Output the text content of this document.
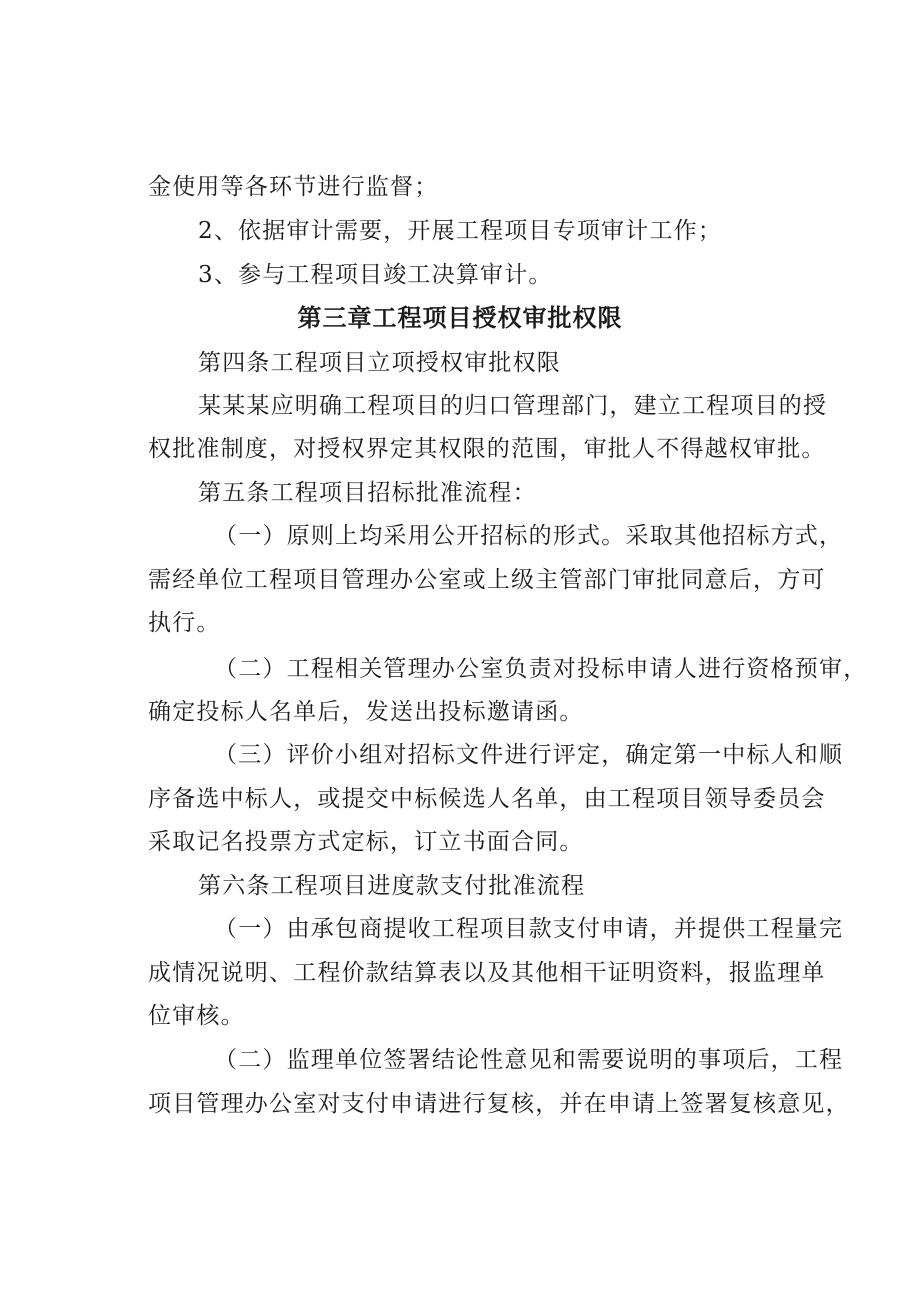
金使用等各环节进行监督；
2、依据审计需要，开展工程项目专项审计工作；
3、参与工程项目竣工决算审计。
第三章工程项目授权审批权限
第四条工程项目立项授权审批权限
某某某应明确工程项目的归口管理部门，建立工程项目的授
权批准制度，对授权界定其权限的范围，审批人不得越权审批。
第五条工程项目招标批准流程：
（一）原则上均采用公开招标的形式。采取其他招标方式，
需经单位工程项目管理办公室或上级主管部门审批同意后，方可
执行。
（二）工程相关管理办公室负责对投标申请人进行资格预审，
确定投标人名单后，发送出投标邀请函。
（三）评价小组对招标文件进行评定，确定第一中标人和顺
序备选中标人，或提交中标候选人名单，由工程项目领导委员会
采取记名投票方式定标，订立书面合同。
第六条工程项目进度款支付批准流程
（一）由承包商提收工程项目款支付申请，并提供工程量完
成情况说明、工程价款结算表以及其他相干证明资料，报监理单
位审核。
（二）监理单位签署结论性意见和需要说明的事项后，工程
项目管理办公室对支付申请进行复核，并在申请上签署复核意见，
